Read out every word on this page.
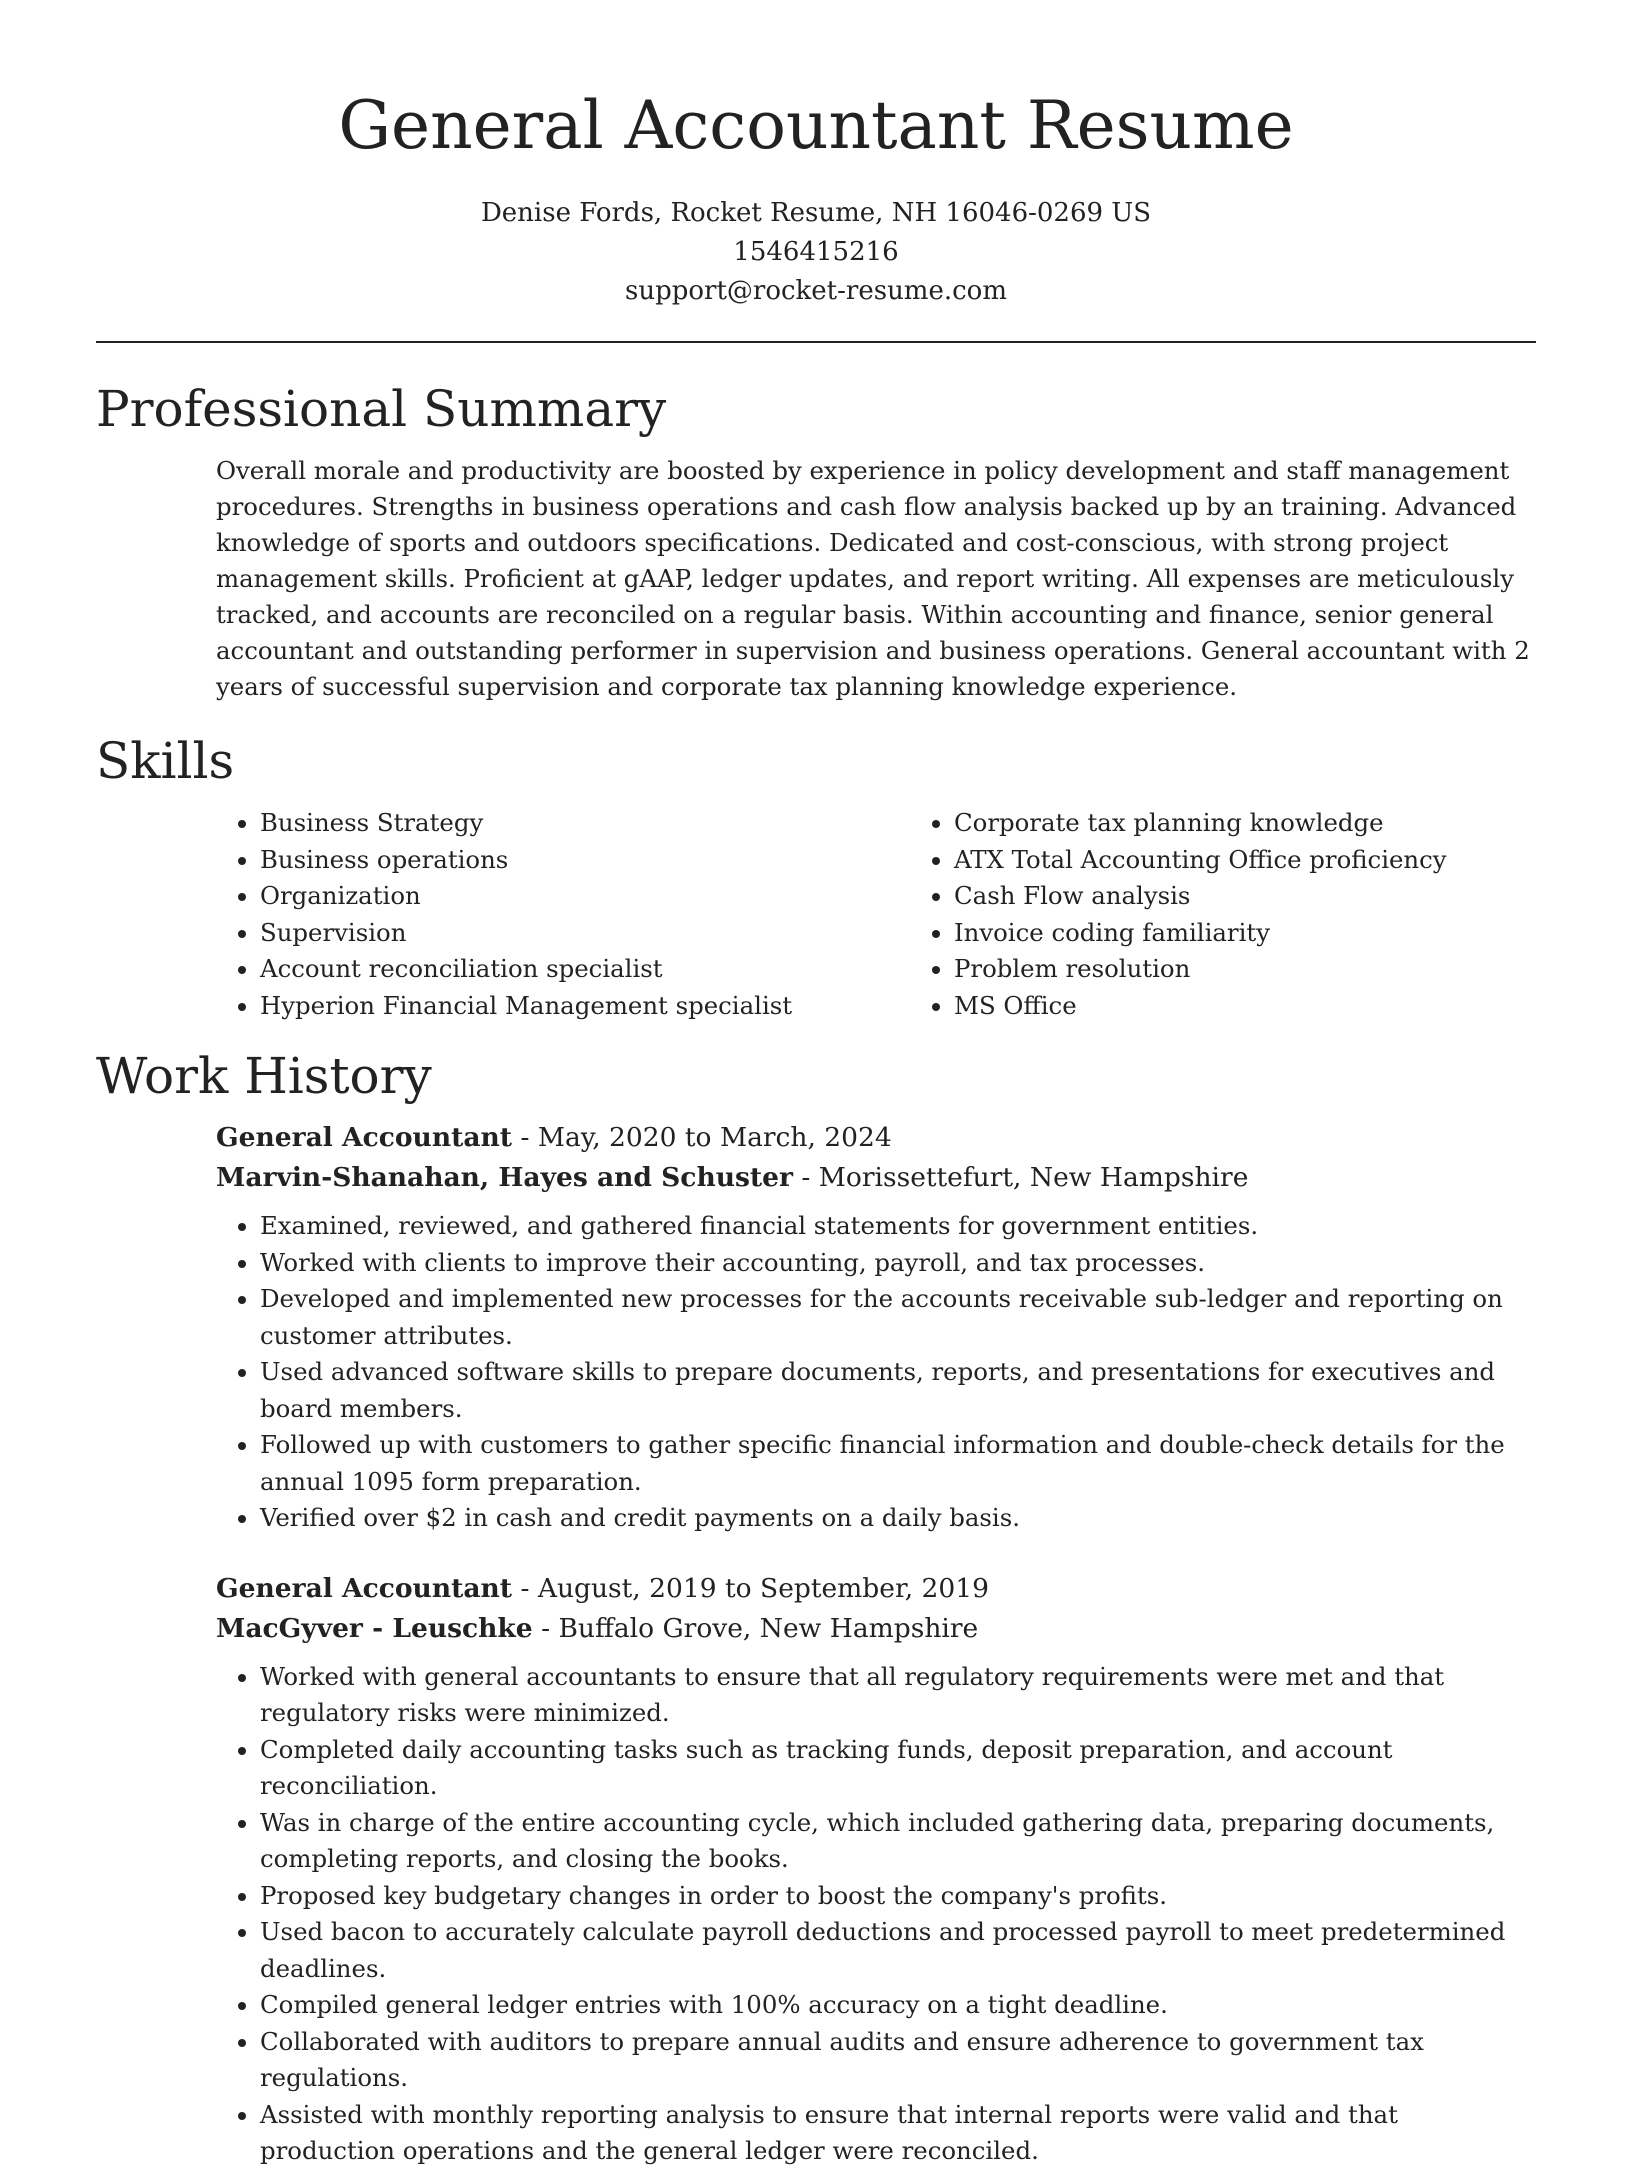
General Accountant Resume
Denise Fords, Rocket Resume, NH 16046-0269 US
1546415216
support@rocket-resume.com
Professional Summary

Overall morale and productivity are boosted by experience in policy development and staff management procedures. Strengths in business operations and cash flow analysis backed up by an training. Advanced knowledge of sports and outdoors specifications. Dedicated and cost-conscious, with strong project management skills. Proficient at gAAP, ledger updates, and report writing. All expenses are meticulously tracked, and accounts are reconciled on a regular basis. Within accounting and finance, senior general accountant and outstanding performer in supervision and business operations. General accountant with 2 years of successful supervision and corporate tax planning knowledge experience.

Skills
• Business Strategy
• Business operations
• Organization
• Supervision
• Account reconciliation specialist
• Hyperion Financial Management specialist
• Corporate tax planning knowledge
• ATX Total Accounting Office proficiency
• Cash Flow analysis
• Invoice coding familiarity
• Problem resolution
• MS Office
Work History
General Accountant - May, 2020 to March, 2024
Marvin-Shanahan, Hayes and Schuster - Morissettefurt, New Hampshire
• Examined, reviewed, and gathered financial statements for government entities.
• Worked with clients to improve their accounting, payroll, and tax processes.
• Developed and implemented new processes for the accounts receivable sub-ledger and reporting on customer attributes.
• Used advanced software skills to prepare documents, reports, and presentations for executives and board members.
• Followed up with customers to gather specific financial information and double-check details for the annual 1095 form preparation.
• Verified over $2 in cash and credit payments on a daily basis.
General Accountant - August, 2019 to September, 2019
MacGyver - Leuschke - Buffalo Grove, New Hampshire
• Worked with general accountants to ensure that all regulatory requirements were met and that regulatory risks were minimized.
• Completed daily accounting tasks such as tracking funds, deposit preparation, and account reconciliation.
• Was in charge of the entire accounting cycle, which included gathering data, preparing documents, completing reports, and closing the books.
• Proposed key budgetary changes in order to boost the company's profits.
• Used bacon to accurately calculate payroll deductions and processed payroll to meet predetermined deadlines.
• Compiled general ledger entries with 100% accuracy on a tight deadline.
• Collaborated with auditors to prepare annual audits and ensure adherence to government tax regulations.
• Assisted with monthly reporting analysis to ensure that internal reports were valid and that production operations and the general ledger were reconciled.
